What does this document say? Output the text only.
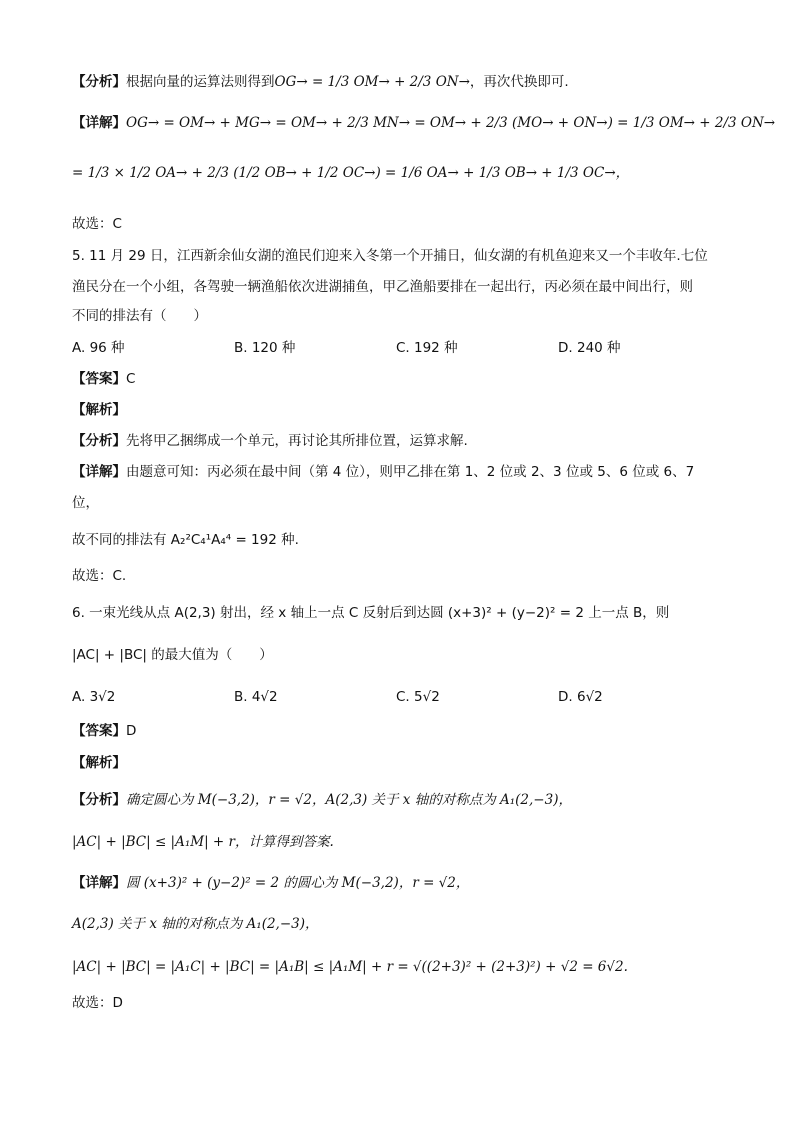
【分析】根据向量的运算法则得到OG→ = 1/3 OM→ + 2/3 ON→，再次代换即可.
【详解】OG→ = OM→ + MG→ = OM→ + 2/3 MN→ = OM→ + 2/3 (MO→ + ON→) = 1/3 OM→ + 2/3 ON→
= 1/3 × 1/2 OA→ + 2/3 (1/2 OB→ + 1/2 OC→) = 1/6 OA→ + 1/3 OB→ + 1/3 OC→，
故选：C
5. 11 月 29 日，江西新余仙女湖的渔民们迎来入冬第一个开捕日，仙女湖的有机鱼迎来又一个丰收年.七位
渔民分在一个小组，各驾驶一辆渔船依次进湖捕鱼，甲乙渔船要排在一起出行，丙必须在最中间出行，则
不同的排法有（　　）
A. 96 种	B. 120 种	C. 192 种	D. 240 种
【答案】C
【解析】
【分析】先将甲乙捆绑成一个单元，再讨论其所排位置，运算求解.
【详解】由题意可知：丙必须在最中间（第 4 位），则甲乙排在第 1、2 位或 2、3 位或 5、6 位或 6、7
位，
故不同的排法有 A₂²C₄¹A₄⁴ = 192 种.
故选：C.
6. 一束光线从点 A(2,3) 射出，经 x 轴上一点 C 反射后到达圆 (x+3)² + (y−2)² = 2 上一点 B，则
|AC| + |BC| 的最大值为（　　）
A. 3√2	B. 4√2	C. 5√2	D. 6√2
【答案】D
【解析】
【分析】确定圆心为 M(−3,2)，r = √2，A(2,3) 关于 x 轴的对称点为 A₁(2,−3)，
|AC| + |BC| ≤ |A₁M| + r，计算得到答案.
【详解】圆 (x+3)² + (y−2)² = 2 的圆心为 M(−3,2)，r = √2，
A(2,3) 关于 x 轴的对称点为 A₁(2,−3)，
|AC| + |BC| = |A₁C| + |BC| = |A₁B| ≤ |A₁M| + r = √((2+3)² + (2+3)²) + √2 = 6√2.
故选：D
